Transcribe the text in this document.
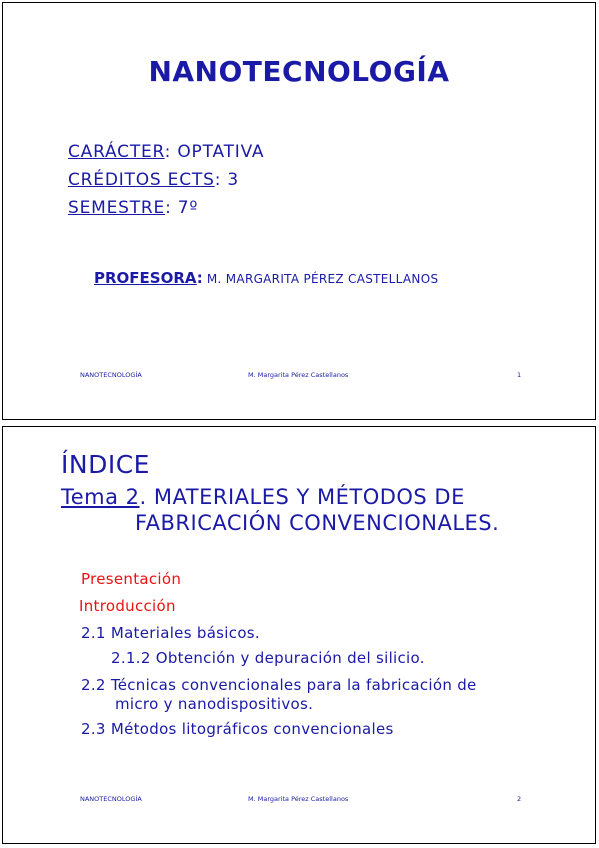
NANOTECNOLOGÍA
CARÁCTER: OPTATIVA
CRÉDITOS ECTS: 3
SEMESTRE: 7º
PROFESORA: M. MARGARITA PÉREZ CASTELLANOS
NANOTECNOLOGÍA	M. Margarita Pérez Castellanos	1
ÍNDICE
Tema 2. MATERIALES Y MÉTODOS DE
FABRICACIÓN CONVENCIONALES.
Presentación
Introducción
2.1 Materiales básicos.
2.1.2 Obtención y depuración del silicio.
2.2 Técnicas convencionales para la fabricación de
micro y nanodispositivos.
2.3 Métodos litográficos convencionales
NANOTECNOLOGÍA	M. Margarita Pérez Castellanos	2
